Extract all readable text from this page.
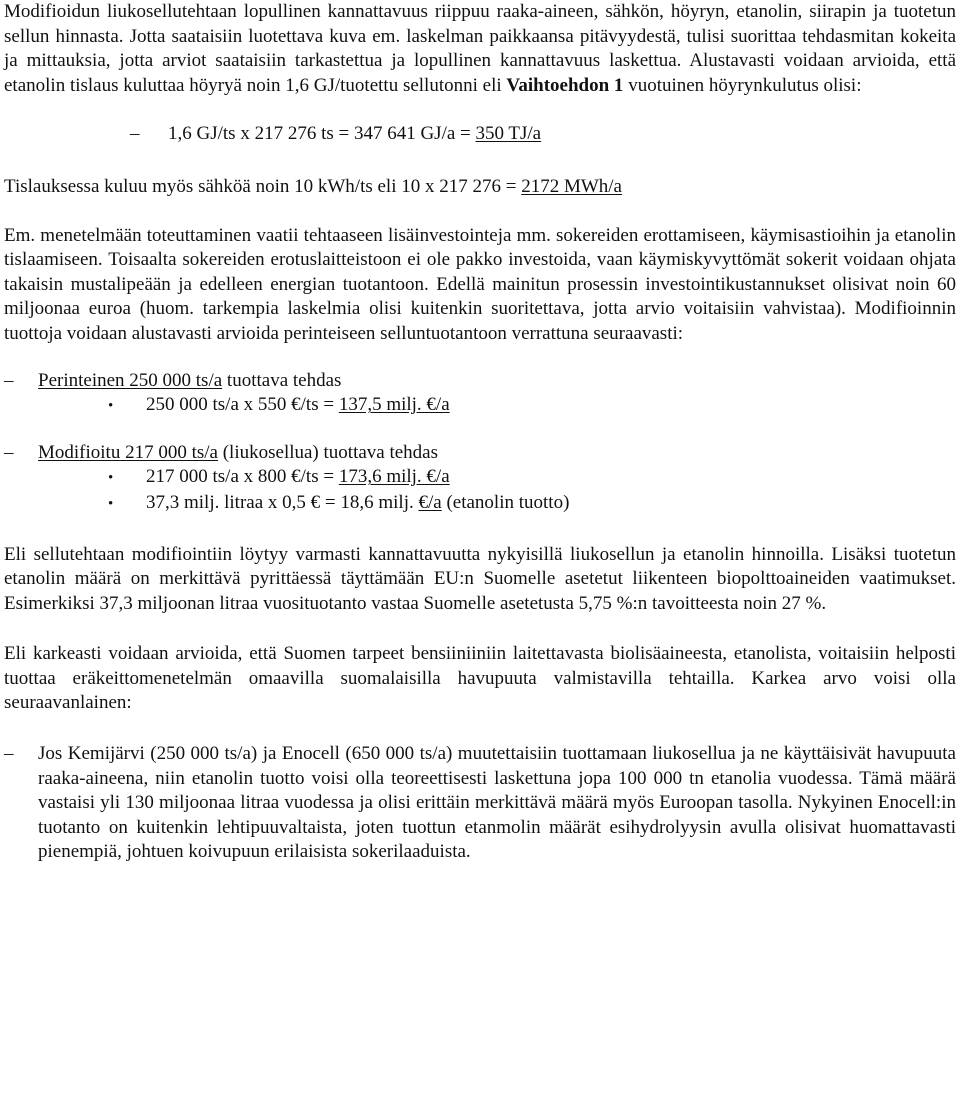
Modifioidun liukosellutehtaan lopullinen kannattavuus riippuu raaka-aineen, sähkön, höyryn, etanolin, siirapin ja tuotetun sellun hinnasta. Jotta saataisiin luotettava kuva em. laskelman paikkaansa pitävyydestä, tulisi suorittaa tehdasmitan kokeita ja mittauksia, jotta arviot saataisiin tarkastettua ja lopullinen kannattavuus laskettua. Alustavasti voidaan arvioida, että etanolin tislaus kuluttaa höyryä noin 1,6 GJ/tuotettu sellutonni eli Vaihtoehdon 1 vuotuinen höyrynkulutus olisi:

– 1,6 GJ/ts x 217 276 ts = 347 641 GJ/a = 350 TJ/a

Tislauksessa kuluu myös sähköä noin 10 kWh/ts eli 10 x 217 276 = 2172 MWh/a

Em. menetelmään toteuttaminen vaatii tehtaaseen lisäinvestointeja mm. sokereiden erottamiseen, käymisastioihin ja etanolin tislaamiseen. Toisaalta sokereiden erotuslaitteistoon ei ole pakko investoida, vaan käymiskyvyttömät sokerit voidaan ohjata takaisin mustalipeään ja edelleen energian tuotantoon. Edellä mainitun prosessin investointikustannukset olisivat noin 60 miljoonaa euroa (huom. tarkempia laskelmia olisi kuitenkin suoritettava, jotta arvio voitaisiin vahvistaa). Modifioinnin tuottoja voidaan alustavasti arvioida perinteiseen selluntuotantoon verrattuna seuraavasti:

–	Perinteinen 250 000 ts/a tuottava tehdas
•	250 000 ts/a x 550 €/ts = 137,5 milj. €/a
–	Modifioitu 217 000 ts/a (liukosellua) tuottava tehdas
•	217 000 ts/a x 800 €/ts = 173,6 milj. €/a
•	37,3 milj. litraa x 0,5 € = 18,6 milj. €/a (etanolin tuotto)

Eli sellutehtaan modifiointiin löytyy varmasti kannattavuutta nykyisillä liukosellun ja etanolin hinnoilla. Lisäksi tuotetun etanolin määrä on merkittävä pyrittäessä täyttämään EU:n Suomelle asetetut liikenteen biopolttoaineiden vaatimukset. Esimerkiksi 37,3 miljoonan litraa vuosituotanto vastaa Suomelle asetetusta 5,75 %:n tavoitteesta noin 27 %.

Eli karkeasti voidaan arvioida, että Suomen tarpeet bensiiniiniin laitettavasta biolisäaineesta, etanolista, voitaisiin helposti tuottaa eräkeittomenetelmän omaavilla suomalaisilla havupuuta valmistavilla tehtailla. Karkea arvo voisi olla seuraavanlainen:

–	Jos Kemijärvi (250 000 ts/a) ja Enocell (650 000 ts/a) muutettaisiin tuottamaan liukosellua ja ne käyttäisivät havupuuta raaka-aineena, niin etanolin tuotto voisi olla teoreettisesti laskettuna jopa 100 000 tn etanolia vuodessa. Tämä määrä vastaisi yli 130 miljoonaa litraa vuodessa ja olisi erittäin merkittävä määrä myös Euroopan tasolla. Nykyinen Enocell:in tuotanto on kuitenkin lehtipuuvaltaista, joten tuottun etanmolin määrät esihydrolyysin avulla olisivat huomattavasti pienempiä, johtuen koivupuun erilaisista sokerilaaduista.
